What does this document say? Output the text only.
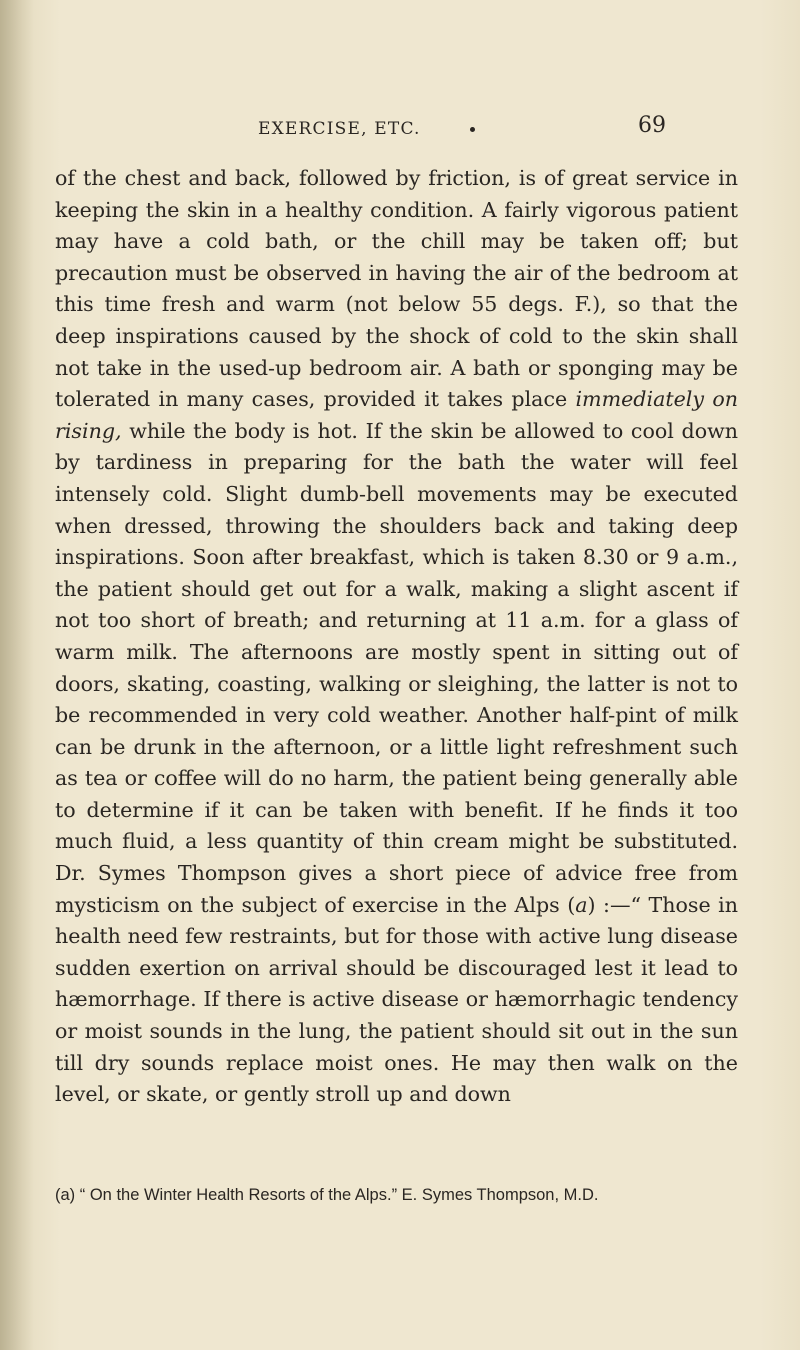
EXERCISE, ETC.	69
of the chest and back, followed by friction, is of great service in keeping the skin in a healthy condition. A fairly vigorous patient may have a cold bath, or the chill may be taken off; but precaution must be observed in having the air of the bedroom at this time fresh and warm (not below 55 degs. F.), so that the deep inspirations caused by the shock of cold to the skin shall not take in the used-up bedroom air. A bath or sponging may be tolerated in many cases, provided it takes place immediately on rising, while the body is hot. If the skin be allowed to cool down by tardiness in preparing for the bath the water will feel intensely cold. Slight dumb-bell movements may be executed when dressed, throwing the shoulders back and taking deep inspirations. Soon after breakfast, which is taken 8.30 or 9 a.m., the patient should get out for a walk, making a slight ascent if not too short of breath; and returning at 11 a.m. for a glass of warm milk. The afternoons are mostly spent in sitting out of doors, skating, coasting, walking or sleighing, the latter is not to be recommended in very cold weather. Another half-pint of milk can be drunk in the afternoon, or a little light refreshment such as tea or coffee will do no harm, the patient being generally able to determine if it can be taken with benefit. If he finds it too much fluid, a less quantity of thin cream might be substituted. Dr. Symes Thompson gives a short piece of advice free from mysticism on the subject of exercise in the Alps (a) :—“ Those in health need few restraints, but for those with active lung disease sudden exertion on arrival should be discouraged lest it lead to hæmorrhage. If there is active disease or hæmorrhagic tendency or moist sounds in the lung, the patient should sit out in the sun till dry sounds replace moist ones. He may then walk on the level, or skate, or gently stroll up and down
(a) “ On the Winter Health Resorts of the Alps.” E. Symes Thompson, M.D.
